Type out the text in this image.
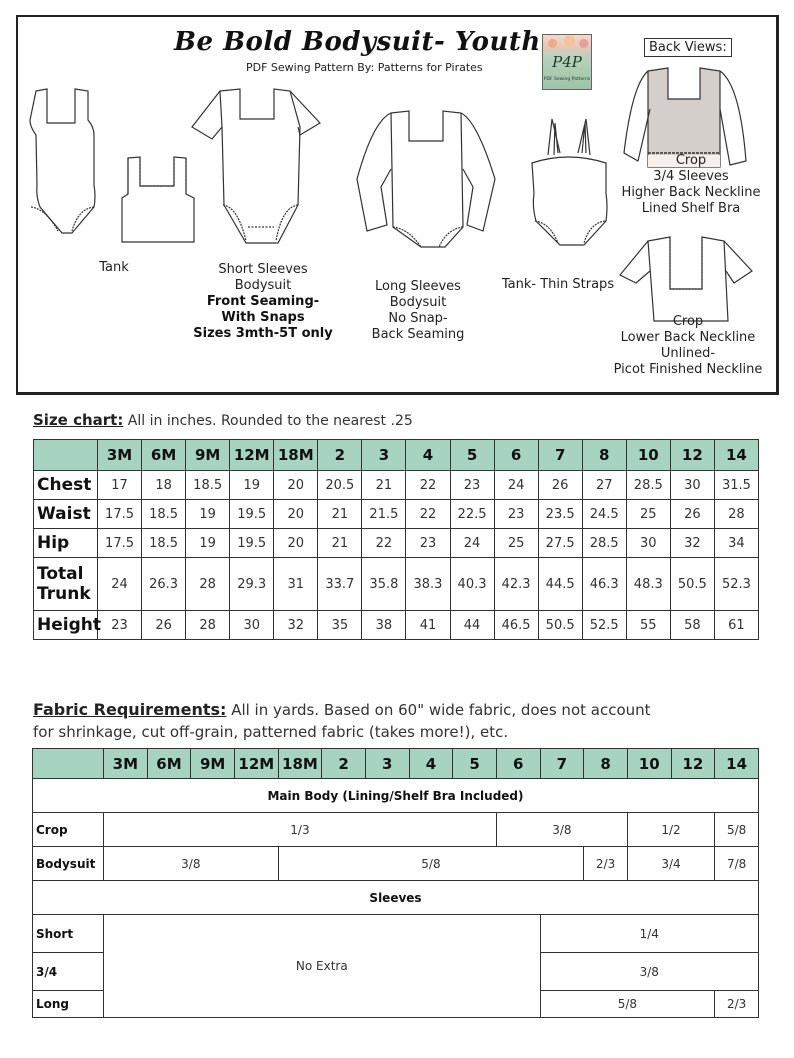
Be Bold Bodysuit- Youth
PDF Sewing Pattern By: Patterns for Pirates	P4P
PDF Sewing Patterns
Back Views:
Tank	Short Sleeves
Bodysuit
Front Seaming-
With Snaps
Sizes 3mth-5T only
Long Sleeves
Bodysuit
No Snap-
Back Seaming
Tank- Thin Straps
Crop
3/4 Sleeves
Higher Back Neckline
Lined Shelf Bra
Crop
Lower Back Neckline
Unlined-
Picot Finished Neckline
Size chart: All in inches. Rounded to the nearest .25
	3M	6M	9M	12M	18M	2	3	4	5	6	7	8	10	12	14
Chest	17	18	18.5	19	20	20.5	21	22	23	24	26	27	28.5	30	31.5
Waist	17.5	18.5	19	19.5	20	21	21.5	22	22.5	23	23.5	24.5	25	26	28
Hip	17.5	18.5	19	19.5	20	21	22	23	24	25	27.5	28.5	30	32	34

Total
Trunk	24	26.3	28	29.3	31	33.7	35.8	38.3	40.3	42.3	44.5	46.3	48.3	50.5	52.3
Height	23	26	28	30	32	35	38	41	44	46.5	50.5	52.5	55	58	61
Fabric Requirements: All in yards. Based on 60" wide fabric, does not account
for shrinkage, cut off-grain, patterned fabric (takes more!), etc.
	3M	6M	9M	12M	18M	2	3	4	5	6	7	8	10	12	14
Main Body (Lining/Shelf Bra Included)															
Crop	1/3									3/8			1/2		5/8
Bodysuit	3/8				5/8							2/3	3/4		7/8
Sleeves															
Short	No Extra										1/4				
3/4											3/8				
Long											5/8				2/3
